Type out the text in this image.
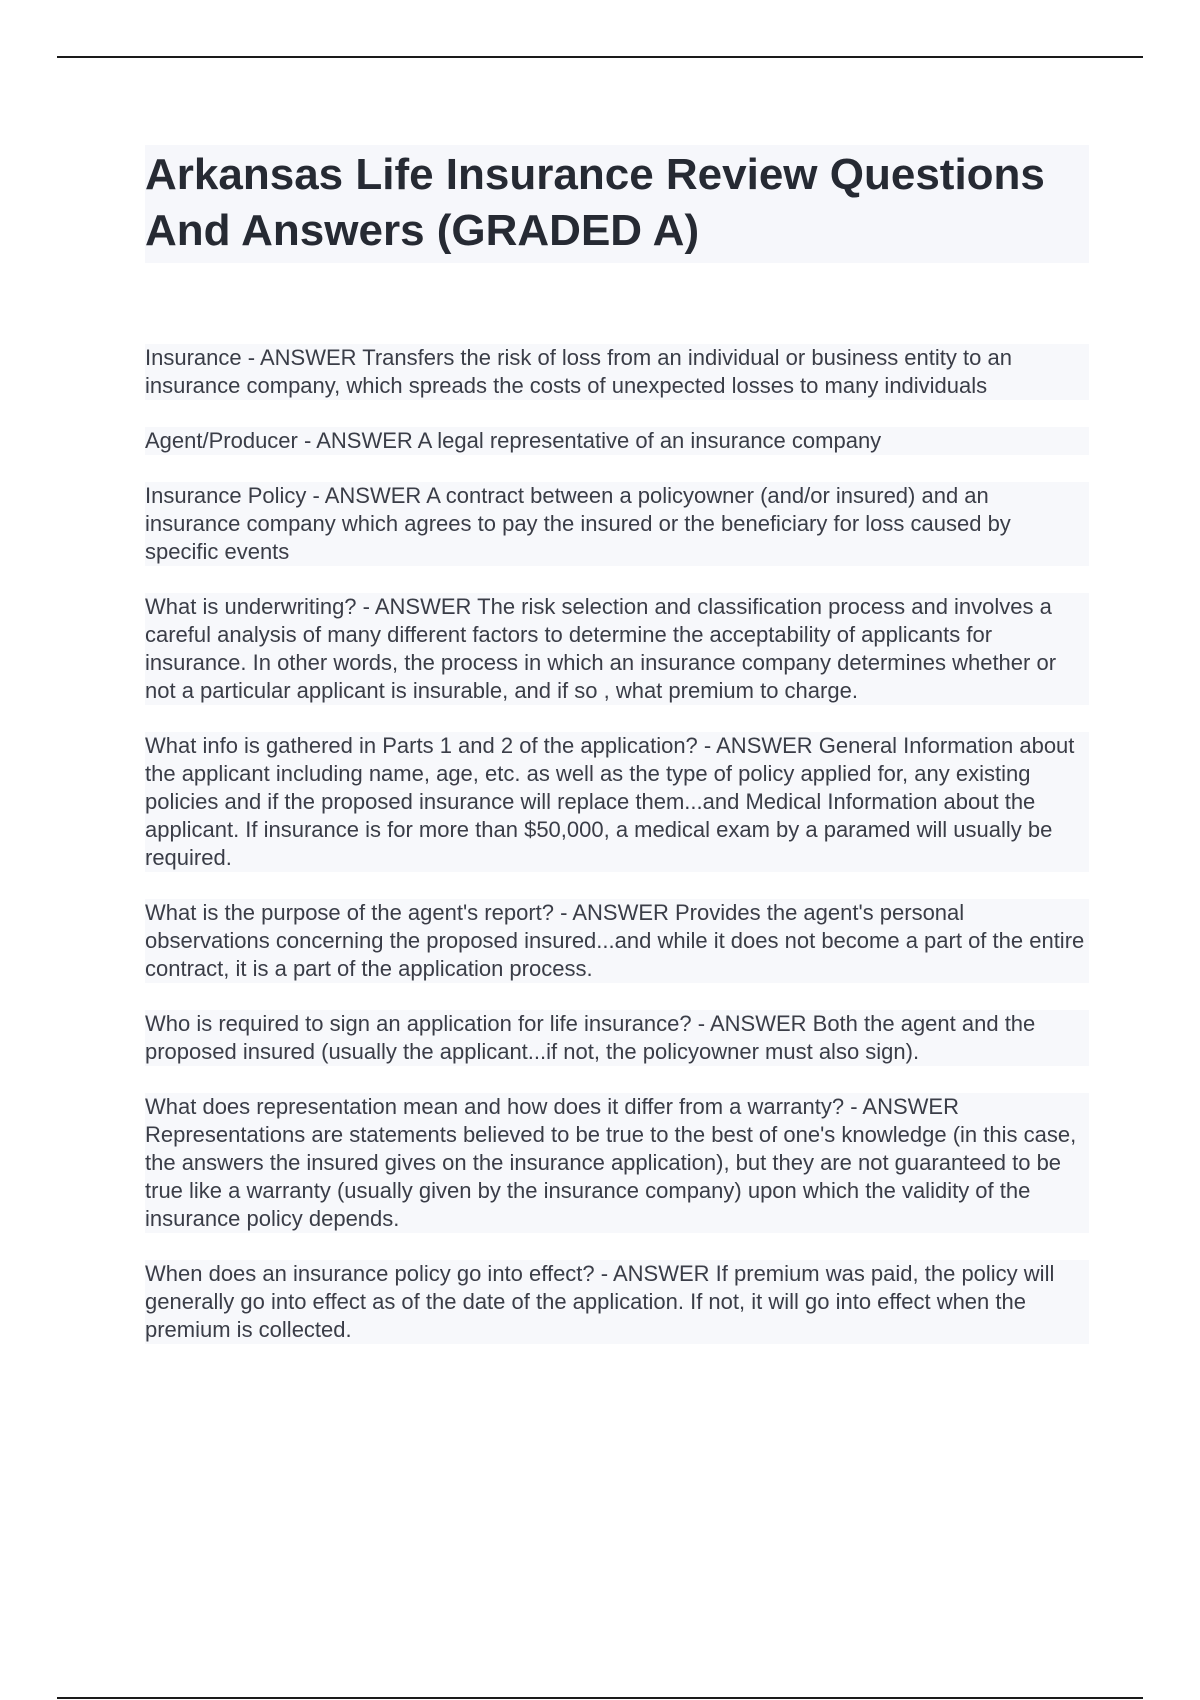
Arkansas Life Insurance Review Questions And Answers (GRADED A)

Insurance - ANSWER Transfers the risk of loss from an individual or business entity to an insurance company, which spreads the costs of unexpected losses to many individuals

Agent/Producer - ANSWER A legal representative of an insurance company

Insurance Policy - ANSWER A contract between a policyowner (and/or insured) and an insurance company which agrees to pay the insured or the beneficiary for loss caused by specific events

What is underwriting? - ANSWER The risk selection and classification process and involves a careful analysis of many different factors to determine the acceptability of applicants for insurance. In other words, the process in which an insurance company determines whether or not a particular applicant is insurable, and if so , what premium to charge.

What info is gathered in Parts 1 and 2 of the application? - ANSWER General Information about the applicant including name, age, etc. as well as the type of policy applied for, any existing policies and if the proposed insurance will replace them...and Medical Information about the applicant. If insurance is for more than $50,000, a medical exam by a paramed will usually be required.

What is the purpose of the agent's report? - ANSWER Provides the agent's personal observations concerning the proposed insured...and while it does not become a part of the entire contract, it is a part of the application process.

Who is required to sign an application for life insurance? - ANSWER Both the agent and the proposed insured (usually the applicant...if not, the policyowner must also sign).

What does representation mean and how does it differ from a warranty? - ANSWER Representations are statements believed to be true to the best of one's knowledge (in this case, the answers the insured gives on the insurance application), but they are not guaranteed to be true like a warranty (usually given by the insurance company) upon which the validity of the insurance policy depends.

When does an insurance policy go into effect? - ANSWER If premium was paid, the policy will generally go into effect as of the date of the application. If not, it will go into effect when the premium is collected.
